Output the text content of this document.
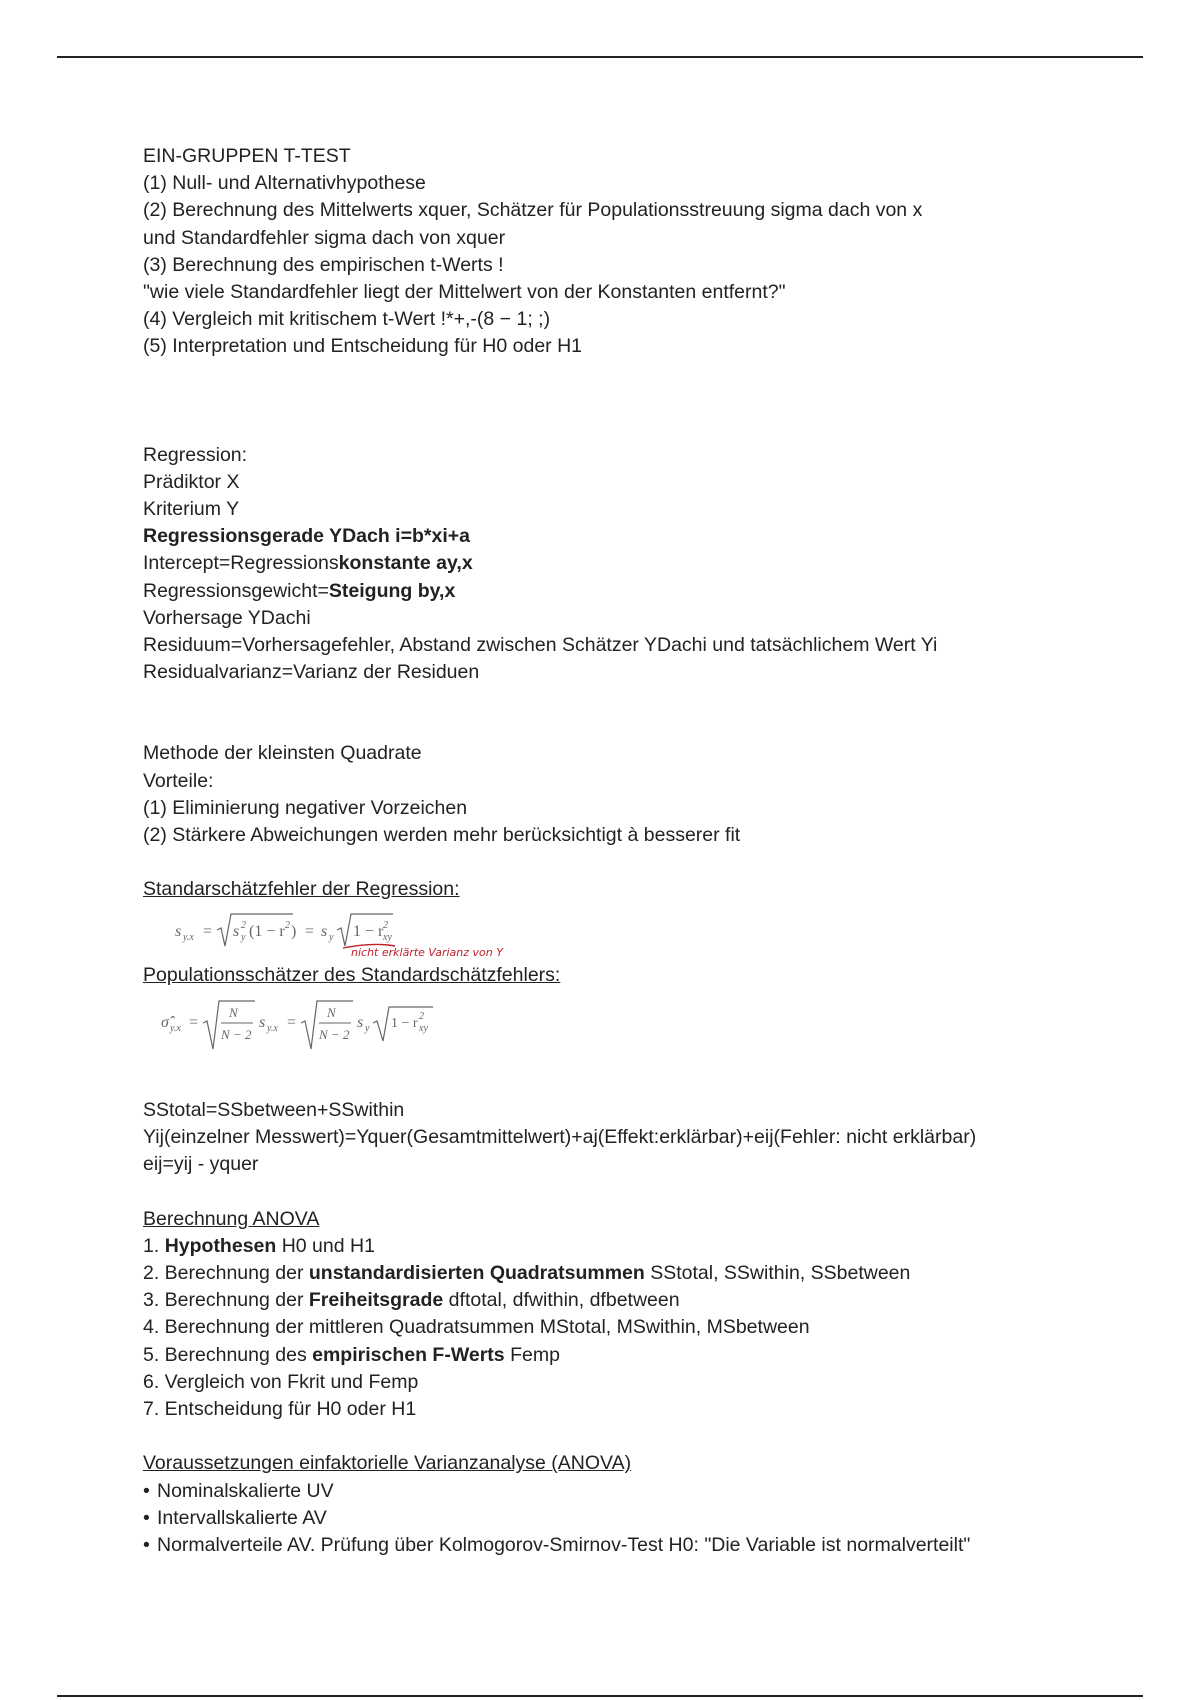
EIN-GRUPPEN T-TEST
(1) Null- und Alternativhypothese
(2) Berechnung des Mittelwerts xquer, Schätzer für Populationsstreuung sigma dach von x
und Standardfehler sigma dach von xquer
(3) Berechnung des empirischen t-Werts !
"wie viele Standardfehler liegt der Mittelwert von der Konstanten entfernt?"
(4) Vergleich mit kritischem t-Wert !*+,-(8 − 1; ;)
(5) Interpretation und Entscheidung für H0 oder H1
Regression:
Prädiktor X
Kriterium Y
Regressionsgerade YDach i=b*xi+a
Intercept=Regressionskonstante ay,x
Regressionsgewicht=Steigung by,x
Vorhersage YDachi
Residuum=Vorhersagefehler, Abstand zwischen Schätzer YDachi und tatsächlichem Wert Yi
Residualvarianz=Varianz der Residuen
Methode der kleinsten Quadrate
Vorteile:
(1) Eliminierung negativer Vorzeichen
(2) Stärkere Abweichungen werden mehr berücksichtigt à besserer fit
Standarschätzfehler der Regression:
s y.x = s 2
y (1 − r 2 ) = s y 1 − r 2
xy
nicht erklärte Varianz von Y
Populationsschätzer des Standardschätzfehlers:
σ̂ y.x =
N
N − 2
s y.x =
N
N − 2
s y 1 − r 2
xy
SStotal=SSbetween+SSwithin
Yij(einzelner Messwert)=Yquer(Gesamtmittelwert)+aj(Effekt:erklärbar)+eij(Fehler: nicht erklärbar)
eij=yij - yquer
Berechnung ANOVA
1. Hypothesen H0 und H1
2. Berechnung der unstandardisierten Quadratsummen SStotal, SSwithin, SSbetween
3. Berechnung der Freiheitsgrade dftotal, dfwithin, dfbetween
4. Berechnung der mittleren Quadratsummen MStotal, MSwithin, MSbetween
5. Berechnung des empirischen F-Werts Femp
6. Vergleich von Fkrit und Femp
7. Entscheidung für H0 oder H1
Voraussetzungen einfaktorielle Varianzanalyse (ANOVA)
• Nominalskalierte UV
• Intervallskalierte AV
• Normalverteile AV. Prüfung über Kolmogorov-Smirnov-Test H0: "Die Variable ist normalverteilt"
